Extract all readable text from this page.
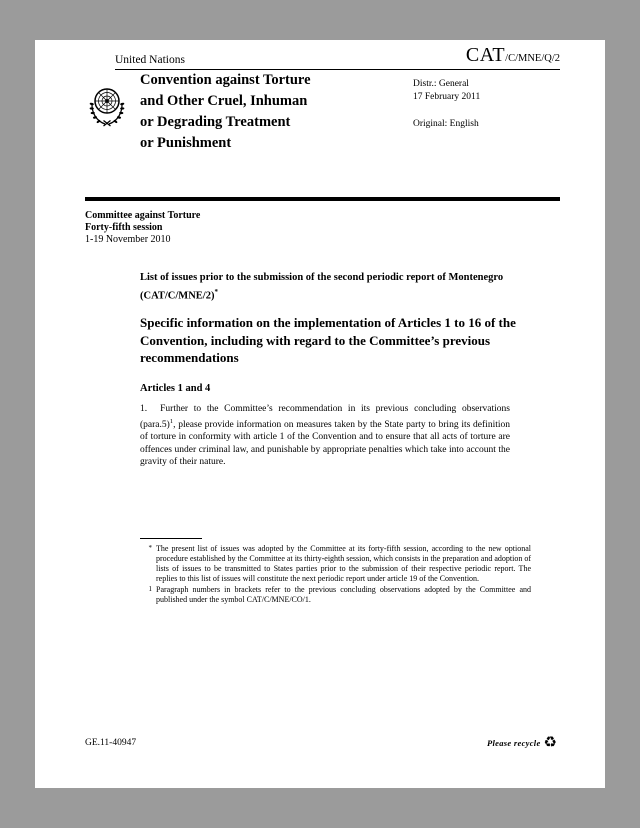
United Nations	CAT/C/MNE/Q/2
Convention against Torture
and Other Cruel, Inhuman
or Degrading Treatment
or Punishment
Distr.: General
17 February 2011
Original: English
Committee against Torture
Forty-fifth session
1-19 November 2010
List of issues prior to the submission of the second periodic report of Montenegro (CAT/C/MNE/2)*
Specific information on the implementation of Articles 1 to 16 of the Convention, including with regard to the Committee’s previous recommendations
Articles 1 and 4

1. Further to the Committee’s recommendation in its previous concluding observations (para.5)$^1$, please provide information on measures taken by the State party to bring its definition of torture in conformity with article 1 of the Convention and to ensure that all acts of torture are offences under criminal law, and punishable by appropriate penalties which take into account the gravity of their nature.

* The present list of issues was adopted by the Committee at its forty-fifth session, according to the new optional procedure established by the Committee at its thirty-eighth session, which consists in the preparation and adoption of lists of issues to be transmitted to States parties prior to the submission of their respective periodic report. The replies to this list of issues will constitute the next periodic report under article 19 of the Convention.
1 Paragraph numbers in brackets refer to the previous concluding observations adopted by the Committee and published under the symbol CAT/C/MNE/CO/1.
GE.11-40947	Please recycle ♻
